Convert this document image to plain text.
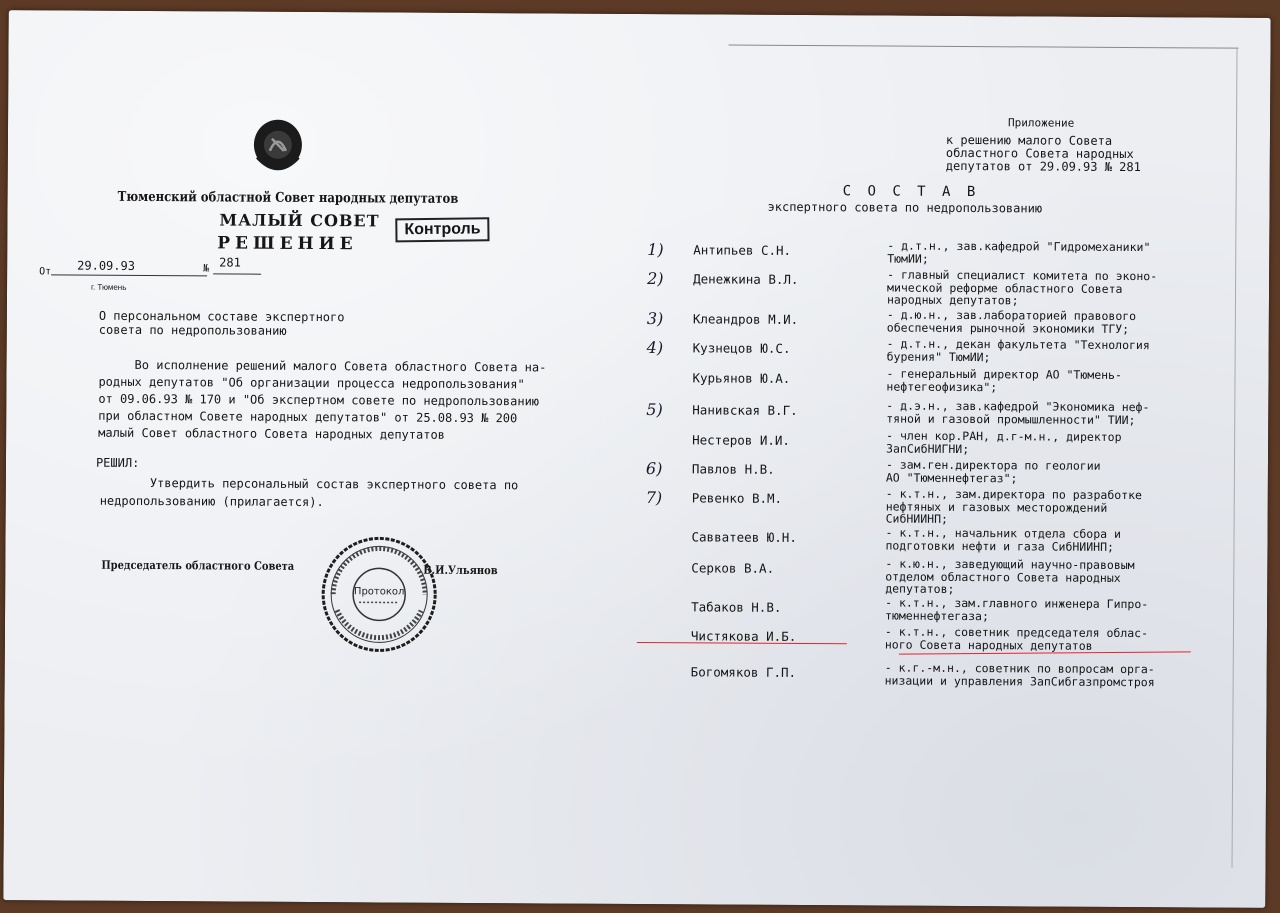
Тюменский областной Совет народных депутатов
МАЛЫЙ СОВЕТ
РЕШЕНИЕ
Контроль
От 29.09.93	№ 281
г. Тюмень
О персональном составе экспертного
совета по недропользованию
Во исполнение решений малого Совета областного Совета на-
родных депутатов "Об организации процесса недропользования"
от 09.06.93 № 170 и "Об экспертном совете по недропользованию
при областном Совете народных депутатов" от 25.08.93 № 200
малый Совет областного Совета народных депутатов
РЕШИЛ:
Утвердить персональный состав экспертного совета по
недропользованию (прилагается).
Председатель областного Совета	В.И.Ульянов
Протокол
Приложение
к решению малого Совета
областного Совета народных
депутатов от 29.09.93 № 281
С О С Т А В
экспертного совета по недропользованию
1) Антипьев С.Н.	- д.т.н., зав.кафедрой "Гидромеханики"
ТюмИИ;
2) Денежкина В.Л.	- главный специалист комитета по эконо-
мической реформе областного Совета
народных депутатов;
3) Клеандров М.И.	- д.ю.н., зав.лабораторией правового
обеспечения рыночной экономики ТГУ;
4) Кузнецов Ю.С.	- д.т.н., декан факультета "Технология
бурения" ТюмИИ;
Курьянов Ю.А.	- генеральный директор АО "Тюмень-
нефтегеофизика";
5) Нанивская В.Г.	- д.э.н., зав.кафедрой "Экономика неф-
тяной и газовой промышленности" ТИИ;
Нестеров И.И.	- член кор.РАН, д.г-м.н., директор
ЗапСибНИГНИ;
6) Павлов Н.В.	- зам.ген.директора по геологии
АО "Тюменнефтегаз";
7) Ревенко В.М.	- к.т.н., зам.директора по разработке
нефтяных и газовых месторождений
СибНИИНП;
Савватеев Ю.Н.	- к.т.н., начальник отдела сбора и
подготовки нефти и газа СибНИИНП;
Серков В.А.	- к.ю.н., заведующий научно-правовым
отделом областного Совета народных
депутатов;
Табаков Н.В.	- к.т.н., зам.главного инженера Гипро-
тюменнефтегаза;
Чистякова И.Б.	- к.т.н., советник председателя облас-
ного Совета народных депутатов
Богомяков Г.П.	- к.г.-м.н., советник по вопросам орга-
низации и управления ЗапСибгазпромстроя
